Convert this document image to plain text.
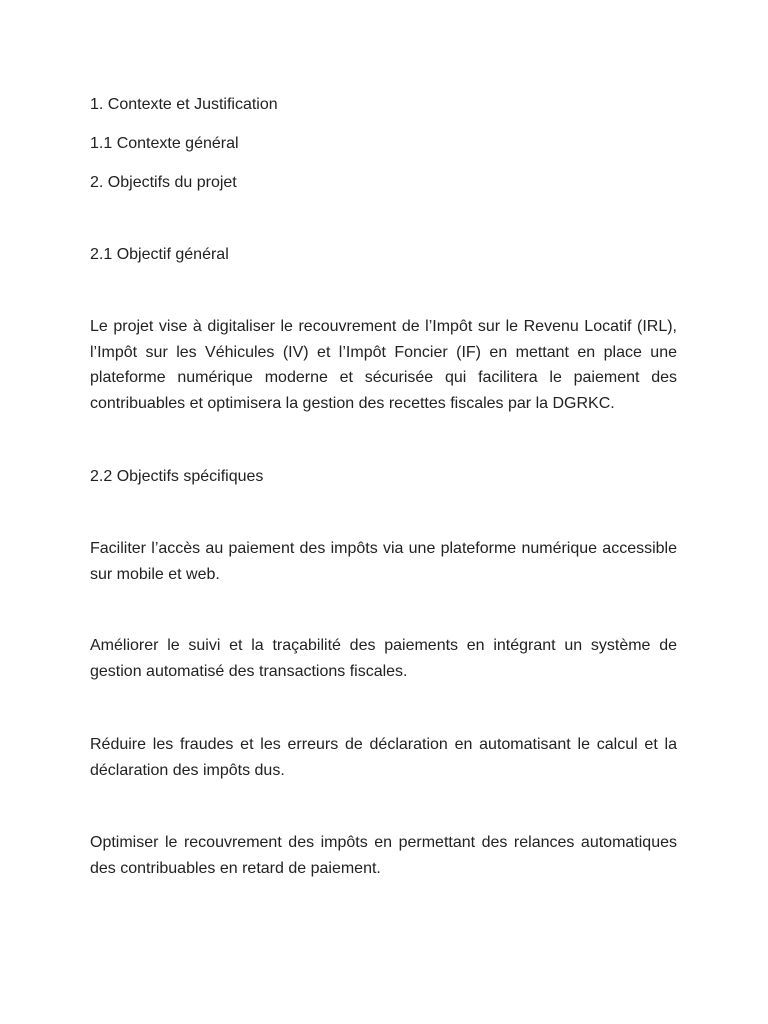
1. Contexte et Justification
1.1 Contexte général
2. Objectifs du projet
2.1 Objectif général

Le projet vise à digitaliser le recouvrement de l’Impôt sur le Revenu Locatif (IRL), l’Impôt sur les Véhicules (IV) et l’Impôt Foncier (IF) en mettant en place une plateforme numérique moderne et sécurisée qui facilitera le paiement des contribuables et optimisera la gestion des recettes fiscales par la DGRKC.

2.2 Objectifs spécifiques

Faciliter l’accès au paiement des impôts via une plateforme numérique accessible sur mobile et web.

Améliorer le suivi et la traçabilité des paiements en intégrant un système de gestion automatisé des transactions fiscales.

Réduire les fraudes et les erreurs de déclaration en automatisant le calcul et la déclaration des impôts dus.

Optimiser le recouvrement des impôts en permettant des relances automatiques des contribuables en retard de paiement.
